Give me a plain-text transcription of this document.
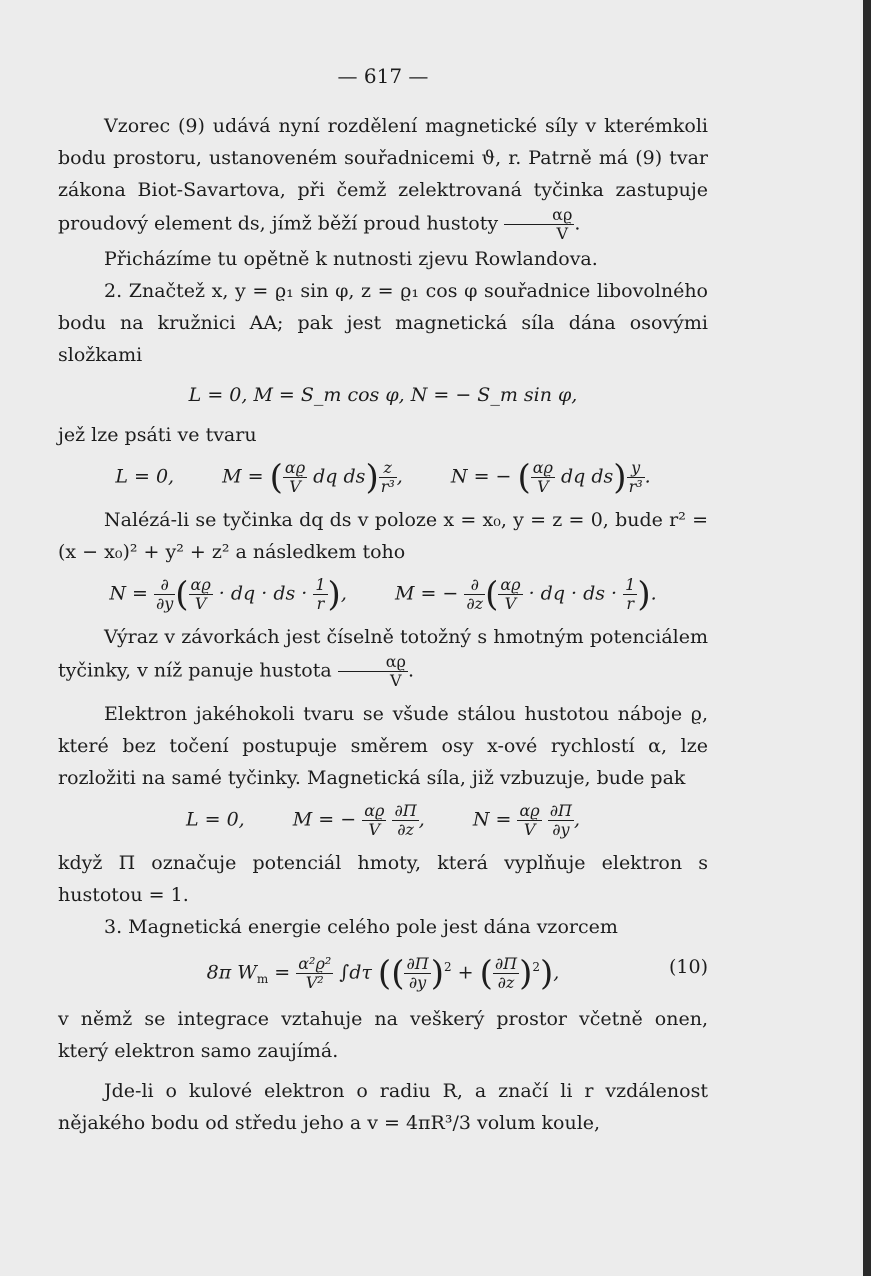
— 617 —

Vzorec (9) udává nyní rozdělení magnetické síly v kterémkoli bodu prostoru, ustanoveném souřadnicemi ϑ, r. Patrně má (9) tvar zákona Biot-Savartova, při čemž zelektrovaná tyčinka zastupuje proudový element ds, jímž běží proud hustoty $\frac{\alpha ϱ}{V}$ .

Přicházíme tu opětně k nutnosti zjevu Rowlandova.

2. Značtež x, y = ϱ₁ sin φ, z = ϱ₁ cos φ souřadnice libovolného bodu na kružnici AA; pak jest magnetická síla dána osovými složkami

L = 0, M = S_m cos φ, N = − S_m sin φ,

jež lze psáti ve tvaru

L = 0,  M = ( $\frac{\alpha ϱ}{V}$ dq $ds) \frac{z}{\text{r³}}$ ,  N = − ( $\frac{\alpha ϱ}{V}$ dq $ds) \frac{y}{\text{r³}}$ .

Nalézá-li se tyčinka dq ds v poloze x = x₀, y = z = 0, bude r² = (x − x₀)² + y² + z² a následkem toho

$N = \frac{\partial}{\partial y}$ ( $\frac{\alpha ϱ}{V}$ · dq · ds · $\frac{1}{r}$ ),  M = − $\frac{\partial}{\partial z}$ ( $\frac{\alpha ϱ}{V}$ · dq · ds · $\frac{1}{r}$ ).

Výraz v závorkách jest číselně totožný s hmotným potenciálem tyčinky, v níž panuje hustota $\frac{\alpha ϱ}{V}$ .

Elektron jakéhokoli tvaru se všude stálou hustotou náboje ϱ, které bez točení postupuje směrem osy x-ové rychlostí α, lze rozložiti na samé tyčinky. Magnetická síla, již vzbuzuje, bude pak

L = 0,  M = − $\frac{\alpha ϱ}{V}$
$\frac{\partial\Pi}{\partial z}$ ,  $N = \frac{\alpha ϱ}{V}$
$\frac{\partial\Pi}{\partial y}$ ,

když Π označuje potenciál hmoty, která vyplňuje elektron s hustotou = 1.

3. Magnetická energie celého pole jest dána vzorcem

8π $W_m = \frac{\text{α²ϱ²}}{\text{V²}} \int d\tau$ (( $\frac{\partial\Pi}{\partial y} )^2$ + ( $\frac{\partial\Pi}{\partial z} )^2$),	(10)

v němž se integrace vztahuje na veškerý prostor včetně onen, který elektron samo zaujímá.

Jde-li o kulové elektron o radiu R, a značí li r vzdálenost nějakého bodu od středu jeho a v = 4πR³/3 volum koule,
